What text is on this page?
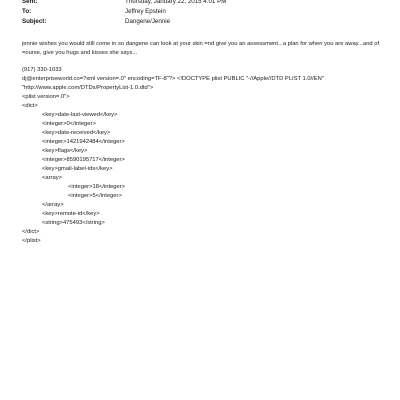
Sent:	Thursday, January 22, 2015 4:01 PM
To:	Jeffrey Epstein
Subject:	Dangene/Jennie

jennie wishes you would still come in so dangene can look at your skin =nd give you an assessment...a plan for when you are away...and of =ourse, give you hugs and kisses she says...

(917) 330-1033
dj@enterpriseworld.co=?xml version=.0" encoding=TF-8"?> <!DOCTYPE plist PUBLIC "-//Apple//DTD PLIST 1.0//EN"
"http://www.apple.com/DTDs/PropertyList-1.0.dtd">
<plist version=.0">
<dict>
<key>date-last-viewed</key>
<integer>0</integer>
<key>date-received</key>
<integer>1421942484</integer>
<key>flags</key>
<integer>8590195717</integer>
<key>gmail-label-ids</key>
<array>
<integer>18</integer>
<integer>5</integer>
</array>
<key>remote-id</key>
<string>475493</string>
</dict>
</plist>
